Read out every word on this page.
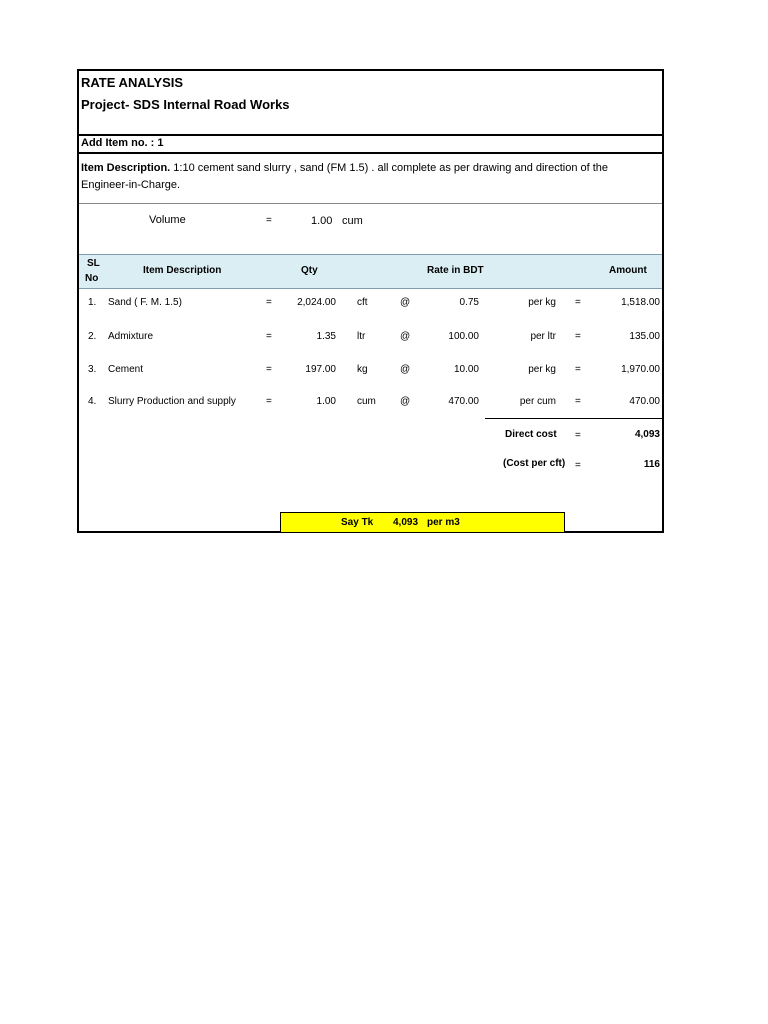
RATE ANALYSIS
Project- SDS Internal Road Works
Add Item no. : 1
Item Description. 1:10 cement sand slurry , sand (FM 1.5) . all complete as per drawing and direction of the
Engineer-in-Charge.
Volume	=	1.00 cum
SL
No
Item Description	Qty	Rate in BDT	Amount
1. Sand ( F. M. 1.5)	=	2,024.00 cft	@	0.75	per kg =	1,518.00
2. Admixture	=	1.35 ltr	@	100.00	per ltr =	135.00
3. Cement	=	197.00 kg	@	10.00	per kg =	1,970.00
4. Slurry Production and supply	=	1.00 cum @	470.00	per cum =	470.00
Direct cost =	4,093
(Cost per cft) =	116
Say Tk 4,093 per m3
